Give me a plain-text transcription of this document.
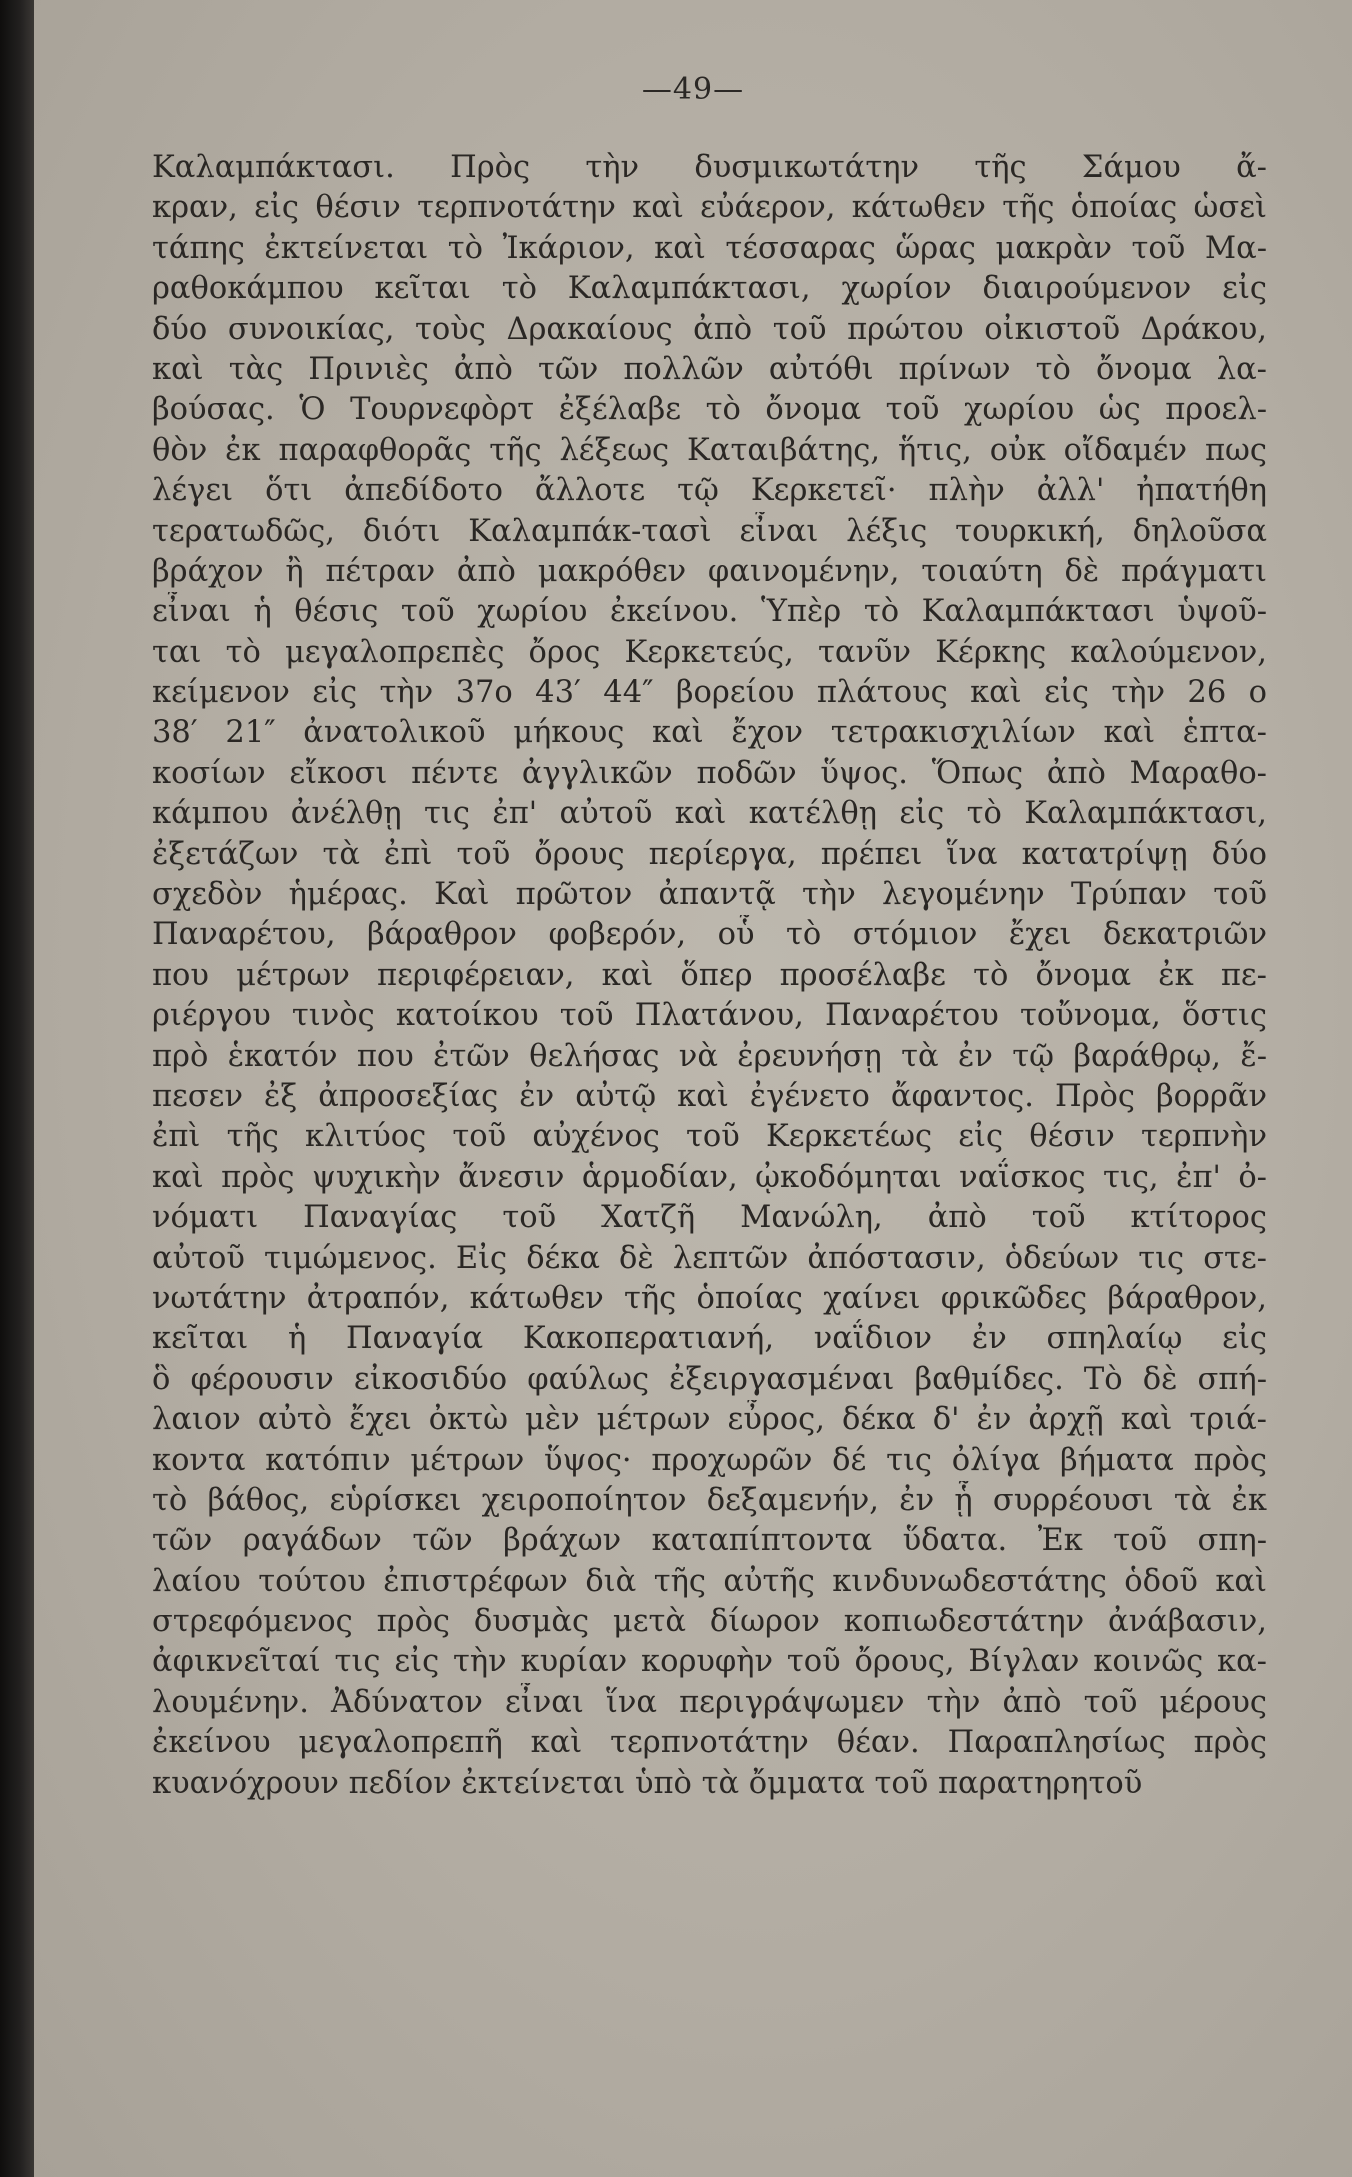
—49—
Καλαμπάκτασι. Πρὸς τὴν δυσμικωτάτην τῆς Σάμου ἄ-
κραν, εἰς θέσιν τερπνοτάτην καὶ εὐάερον, κάτωθεν τῆς ὁποίας ὡσεὶ
τάπης ἐκτείνεται τὸ Ἰκάριον, καὶ τέσσαρας ὥρας μακρὰν τοῦ Μα-
ραθοκάμπου κεῖται τὸ Καλαμπάκτασι, χωρίον διαιρούμενον εἰς
δύο συνοικίας, τοὺς Δρακαίους ἀπὸ τοῦ πρώτου οἰκιστοῦ Δράκου,
καὶ τὰς Πρινιὲς ἀπὸ τῶν πολλῶν αὐτόθι πρίνων τὸ ὄνομα λα-
βούσας. Ὁ Τουρνεφὸρτ ἐξέλαβε τὸ ὄνομα τοῦ χωρίου ὡς προελ-
θὸν ἐκ παραφθορᾶς τῆς λέξεως Καταιβάτης, ἥτις, οὐκ οἴδαμέν πως
λέγει ὅτι ἀπεδίδοτο ἄλλοτε τῷ Κερκετεῖ· πλὴν ἀλλ' ἠπατήθη
τερατωδῶς, διότι Καλαμπάκ-τασὶ εἶναι λέξις τουρκική, δηλοῦσα
βράχον ἢ πέτραν ἀπὸ μακρόθεν φαινομένην, τοιαύτη δὲ πράγματι
εἶναι ἡ θέσις τοῦ χωρίου ἐκείνου. Ὑπὲρ τὸ Καλαμπάκτασι ὑψοῦ-
ται τὸ μεγαλοπρεπὲς ὄρος Κερκετεύς, τανῦν Κέρκης καλούμενον,
κείμενον εἰς τὴν 37ο 43′ 44″ βορείου πλάτους καὶ εἰς τὴν 26 ο
38′ 21″ ἀνατολικοῦ μήκους καὶ ἔχον τετρακισχιλίων καὶ ἑπτα-
κοσίων εἴκοσι πέντε ἀγγλικῶν ποδῶν ὕψος. Ὅπως ἀπὸ Μαραθο-
κάμπου ἀνέλθῃ τις ἐπ' αὐτοῦ καὶ κατέλθῃ εἰς τὸ Καλαμπάκτασι,
ἐξετάζων τὰ ἐπὶ τοῦ ὄρους περίεργα, πρέπει ἵνα κατατρίψῃ δύο
σχεδὸν ἡμέρας. Καὶ πρῶτον ἀπαντᾷ τὴν λεγομένην Τρύπαν τοῦ
Παναρέτου, βάραθρον φοβερόν, οὗ τὸ στόμιον ἔχει δεκατριῶν
που μέτρων περιφέρειαν, καὶ ὅπερ προσέλαβε τὸ ὄνομα ἐκ πε-
ριέργου τινὸς κατοίκου τοῦ Πλατάνου, Παναρέτου τοὔνομα, ὅστις
πρὸ ἑκατόν που ἐτῶν θελήσας νὰ ἐρευνήσῃ τὰ ἐν τῷ βαράθρῳ, ἔ-
πεσεν ἐξ ἀπροσεξίας ἐν αὐτῷ καὶ ἐγένετο ἄφαντος. Πρὸς βορρᾶν
ἐπὶ τῆς κλιτύος τοῦ αὐχένος τοῦ Κερκετέως εἰς θέσιν τερπνὴν
καὶ πρὸς ψυχικὴν ἄνεσιν ἁρμοδίαν, ᾠκοδόμηται ναΐσκος τις, ἐπ' ὀ-
νόματι Παναγίας τοῦ Χατζῆ Μανώλη, ἀπὸ τοῦ κτίτορος
αὐτοῦ τιμώμενος. Εἰς δέκα δὲ λεπτῶν ἀπόστασιν, ὁδεύων τις στε-
νωτάτην ἀτραπόν, κάτωθεν τῆς ὁποίας χαίνει φρικῶδες βάραθρον,
κεῖται ἡ Παναγία Κακοπερατιανή, ναΐδιον ἐν σπηλαίῳ εἰς
ὃ φέρουσιν εἰκοσιδύο φαύλως ἐξειργασμέναι βαθμίδες. Τὸ δὲ σπή-
λαιον αὐτὸ ἔχει ὀκτὼ μὲν μέτρων εὖρος, δέκα δ' ἐν ἀρχῇ καὶ τριά-
κοντα κατόπιν μέτρων ὕψος· προχωρῶν δέ τις ὀλίγα βήματα πρὸς
τὸ βάθος, εὑρίσκει χειροποίητον δεξαμενήν, ἐν ᾗ συρρέουσι τὰ ἐκ
τῶν ραγάδων τῶν βράχων καταπίπτοντα ὕδατα. Ἐκ τοῦ σπη-
λαίου τούτου ἐπιστρέφων διὰ τῆς αὐτῆς κινδυνωδεστάτης ὁδοῦ καὶ
στρεφόμενος πρὸς δυσμὰς μετὰ δίωρον κοπιωδεστάτην ἀνάβασιν,
ἀφικνεῖταί τις εἰς τὴν κυρίαν κορυφὴν τοῦ ὄρους, Βίγλαν κοινῶς κα-
λουμένην. Ἀδύνατον εἶναι ἵνα περιγράψωμεν τὴν ἀπὸ τοῦ μέρους
ἐκείνου μεγαλοπρεπῆ καὶ τερπνοτάτην θέαν. Παραπλησίως πρὸς
κυανόχρουν πεδίον ἐκτείνεται ὑπὸ τὰ ὄμματα τοῦ παρατηρητοῦ
